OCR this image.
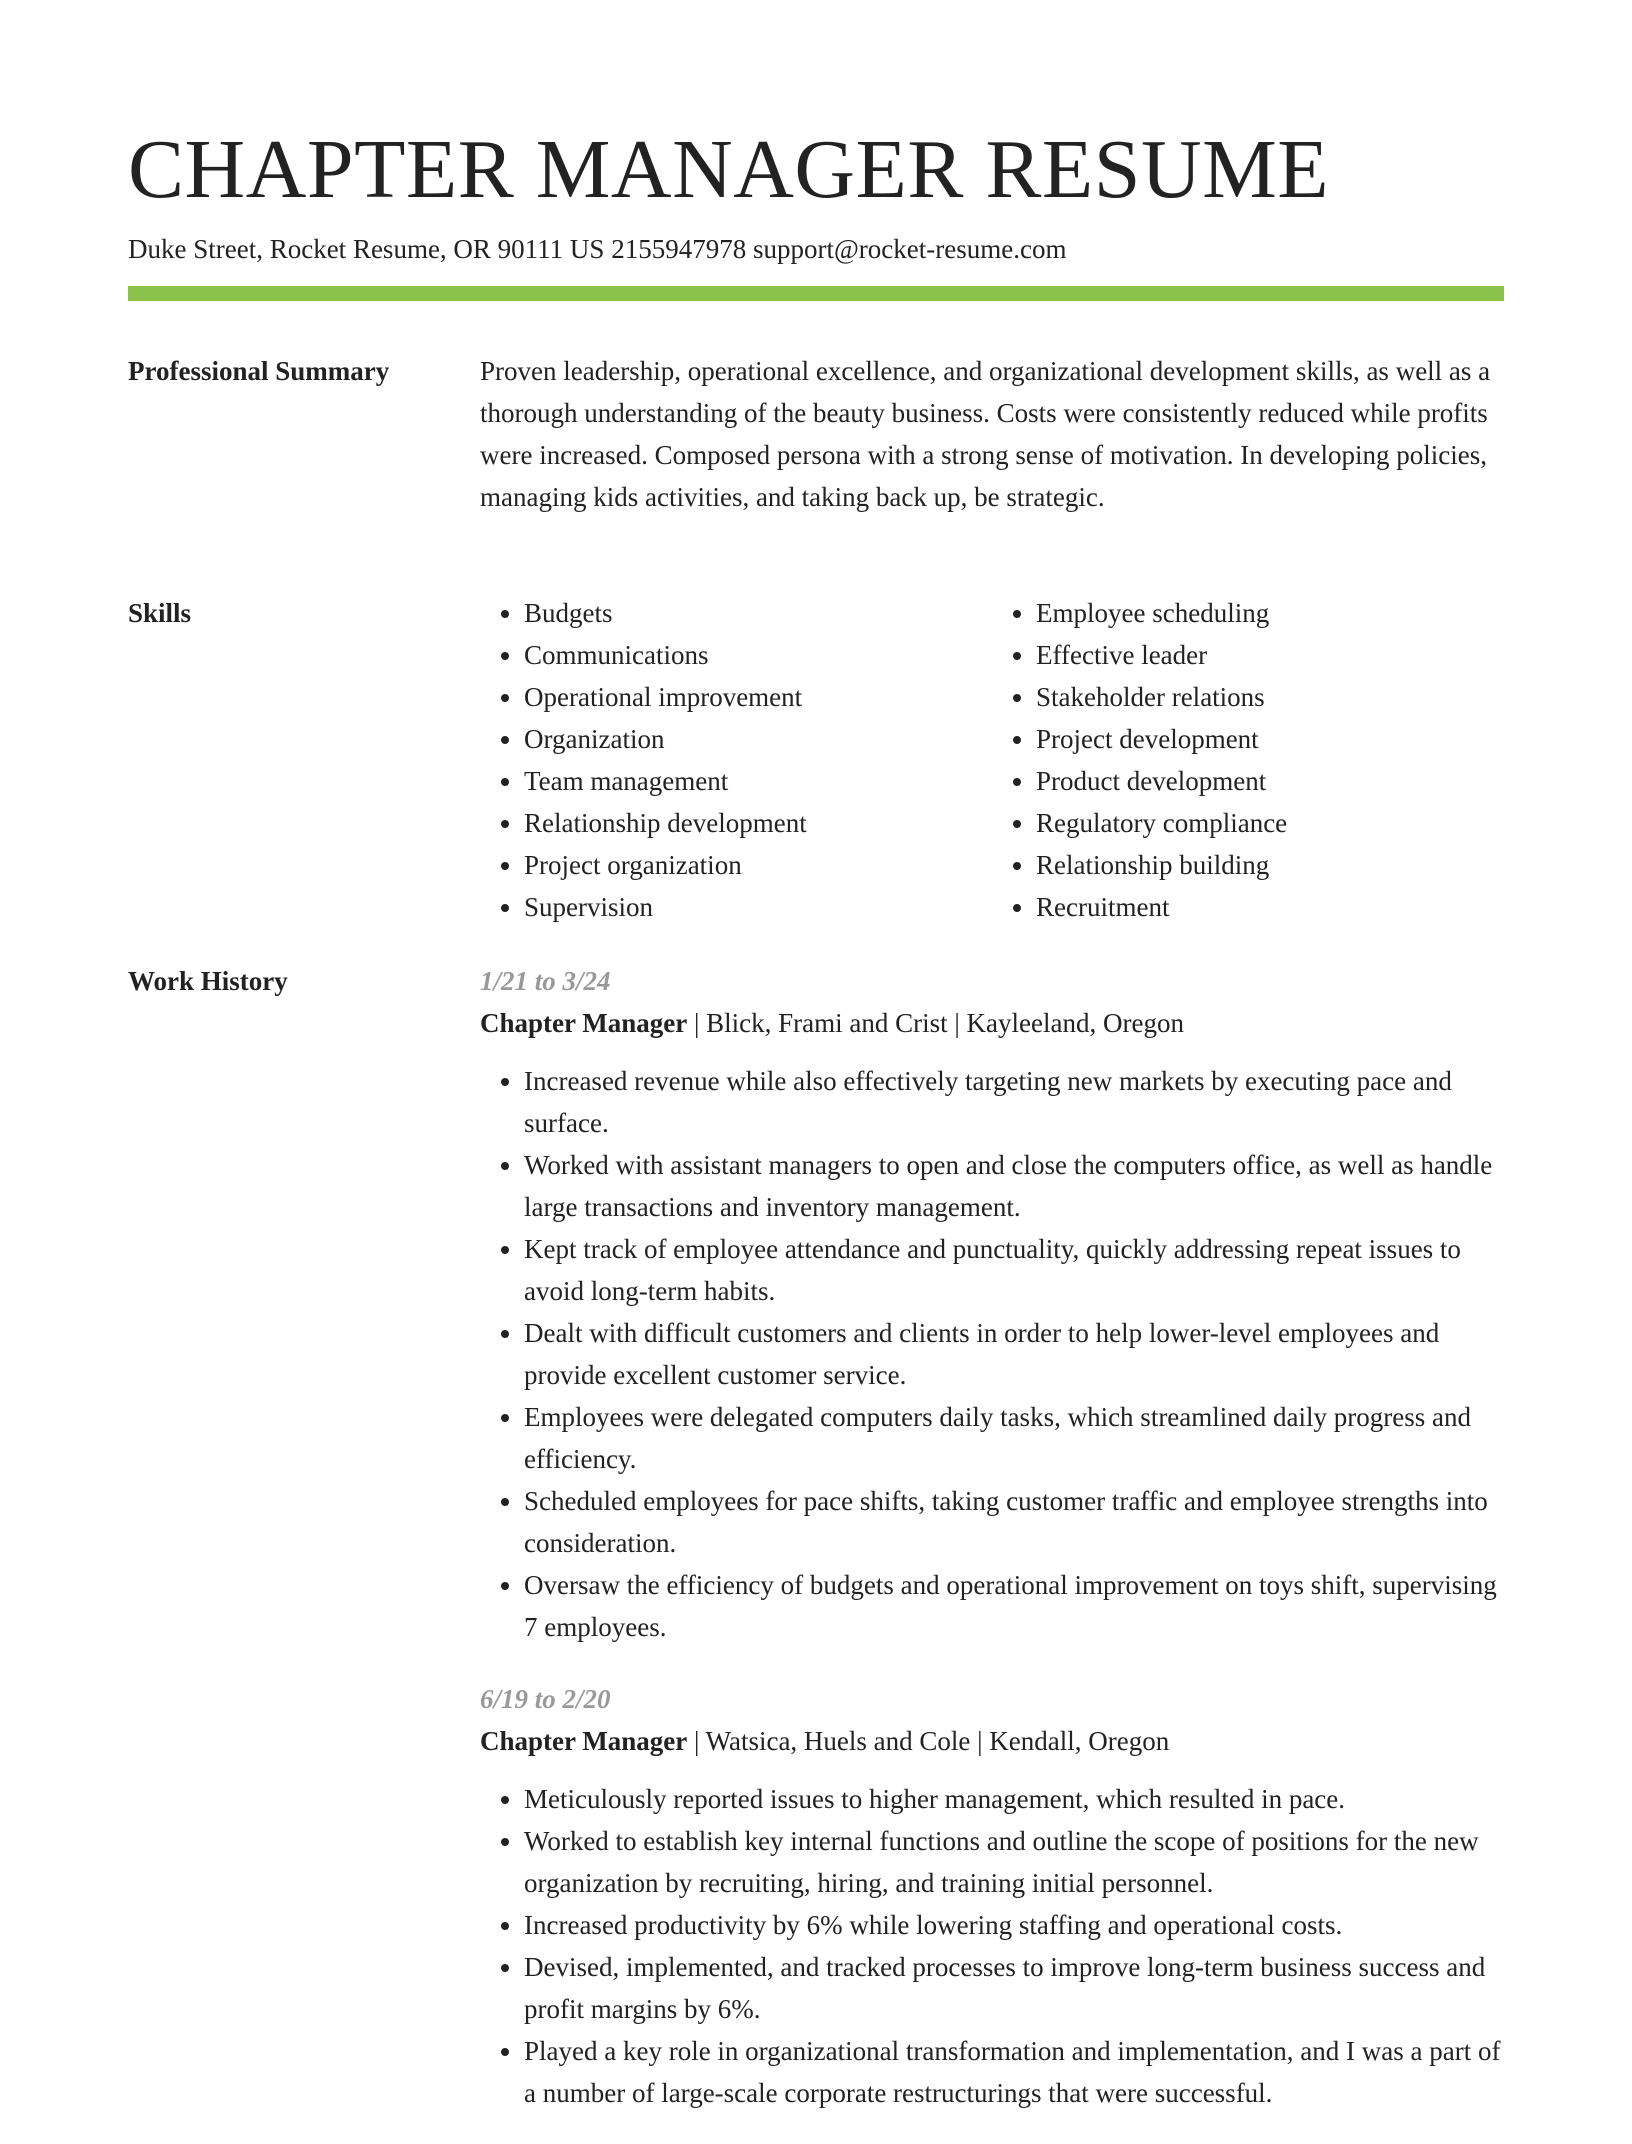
CHAPTER MANAGER RESUME
Duke Street, Rocket Resume, OR 90111 US 2155947978 support@rocket-resume.com
Professional Summary	Proven leadership, operational excellence, and organizational development skills, as well as a thorough understanding of the beauty business. Costs were consistently reduced while profits were increased. Composed persona with a strong sense of motivation. In developing policies, managing kids activities, and taking back up, be strategic.

Skills
•	Budgets
• Communications
• Operational improvement
• Organization
• Team management
• Relationship development
• Project organization
• Supervision
• Employee scheduling
• Effective leader
• Stakeholder relations
• Project development
• Product development
• Regulatory compliance
• Relationship building
• Recruitment
Work History	1/21 to 3/24

Chapter Manager | Blick, Frami and Crist | Kayleeland, Oregon

• Increased revenue while also effectively targeting new markets by executing pace and surface.
• Worked with assistant managers to open and close the computers office, as well as handle large transactions and inventory management.
• Kept track of employee attendance and punctuality, quickly addressing repeat issues to avoid long-term habits.
• Dealt with difficult customers and clients in order to help lower-level employees and provide excellent customer service.
• Employees were delegated computers daily tasks, which streamlined daily progress and efficiency.
• Scheduled employees for pace shifts, taking customer traffic and employee strengths into consideration.
• Oversaw the efficiency of budgets and operational improvement on toys shift, supervising 7 employees.

6/19 to 2/20

Chapter Manager | Watsica, Huels and Cole | Kendall, Oregon

• Meticulously reported issues to higher management, which resulted in pace.
• Worked to establish key internal functions and outline the scope of positions for the new organization by recruiting, hiring, and training initial personnel.
• Increased productivity by 6% while lowering staffing and operational costs.
• Devised, implemented, and tracked processes to improve long-term business success and profit margins by 6%.
• Played a key role in organizational transformation and implementation, and I was a part of a number of large-scale corporate restructurings that were successful.
